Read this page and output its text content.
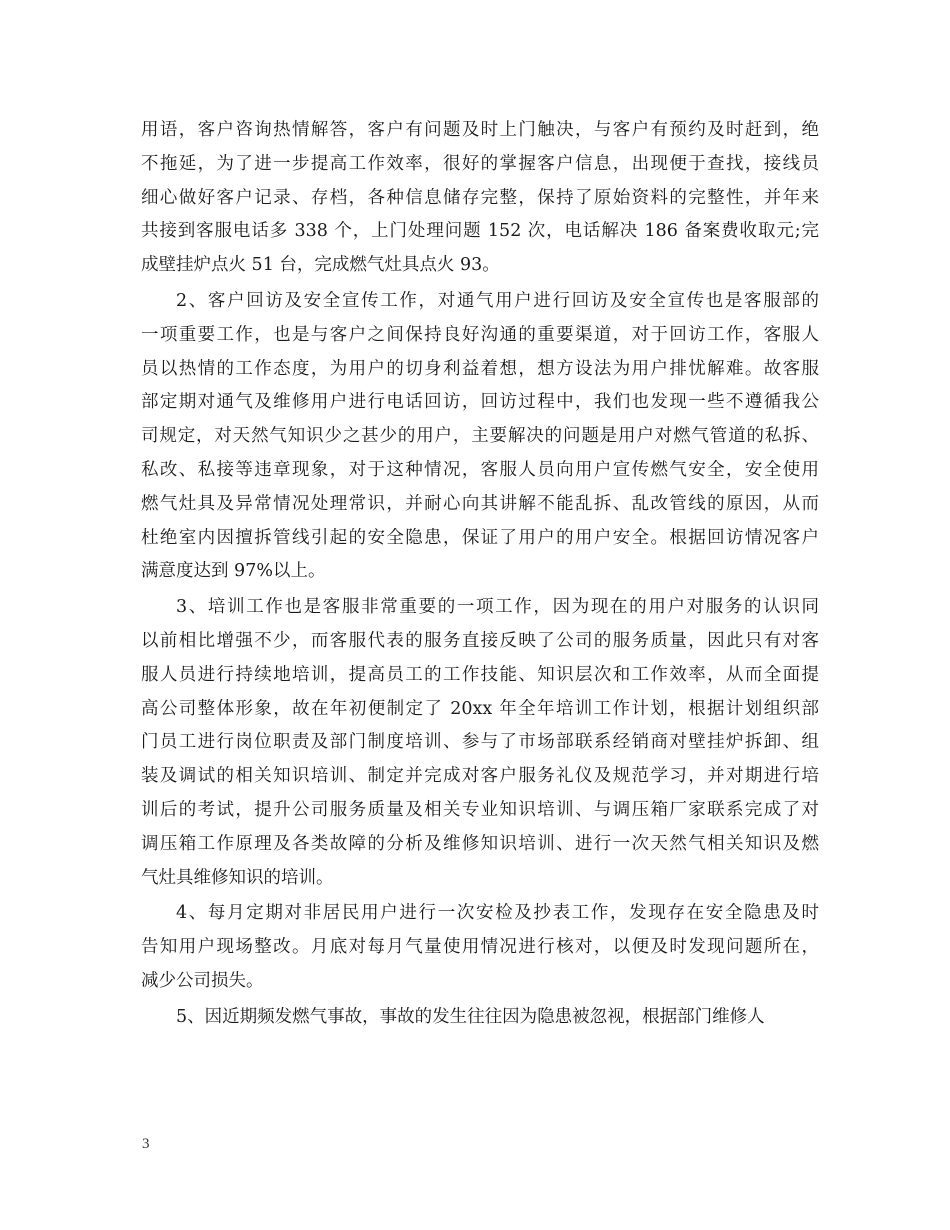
用语，客户咨询热情解答，客户有问题及时上门触决，与客户有预约及时赶到，绝
不拖延，为了进一步提高工作效率，很好的掌握客户信息，出现便于查找，接线员
细心做好客户记录、存档，各种信息储存完整，保持了原始资料的完整性，并年来
共接到客服电话多 338 个，上门处理问题 152 次，电话解决 186 备案费收取元;完
成壁挂炉点火 51 台，完成燃气灶具点火 93。

2、客户回访及安全宣传工作，对通气用户进行回访及安全宣传也是客服部的
一项重要工作，也是与客户之间保持良好沟通的重要渠道，对于回访工作，客服人
员以热情的工作态度，为用户的切身利益着想，想方设法为用户排忧解难。故客服
部定期对通气及维修用户进行电话回访，回访过程中，我们也发现一些不遵循我公
司规定，对天然气知识少之甚少的用户，主要解决的问题是用户对燃气管道的私拆、
私改、私接等违章现象，对于这种情况，客服人员向用户宣传燃气安全，安全使用
燃气灶具及异常情况处理常识，并耐心向其讲解不能乱拆、乱改管线的原因，从而
杜绝室内因擅拆管线引起的安全隐患，保证了用户的用户安全。根据回访情况客户
满意度达到 97%以上。

3、培训工作也是客服非常重要的一项工作，因为现在的用户对服务的认识同
以前相比增强不少，而客服代表的服务直接反映了公司的服务质量，因此只有对客
服人员进行持续地培训，提高员工的工作技能、知识层次和工作效率，从而全面提
高公司整体形象，故在年初便制定了 20xx 年全年培训工作计划，根据计划组织部
门员工进行岗位职责及部门制度培训、参与了市场部联系经销商对壁挂炉拆卸、组
装及调试的相关知识培训、制定并完成对客户服务礼仪及规范学习，并对期进行培
训后的考试，提升公司服务质量及相关专业知识培训、与调压箱厂家联系完成了对
调压箱工作原理及各类故障的分析及维修知识培训、进行一次天然气相关知识及燃
气灶具维修知识的培训。

4、每月定期对非居民用户进行一次安检及抄表工作，发现存在安全隐患及时
告知用户现场整改。月底对每月气量使用情况进行核对，以便及时发现问题所在，
减少公司损失。

5、因近期频发燃气事故，事故的发生往往因为隐患被忽视，根据部门维修人

3
